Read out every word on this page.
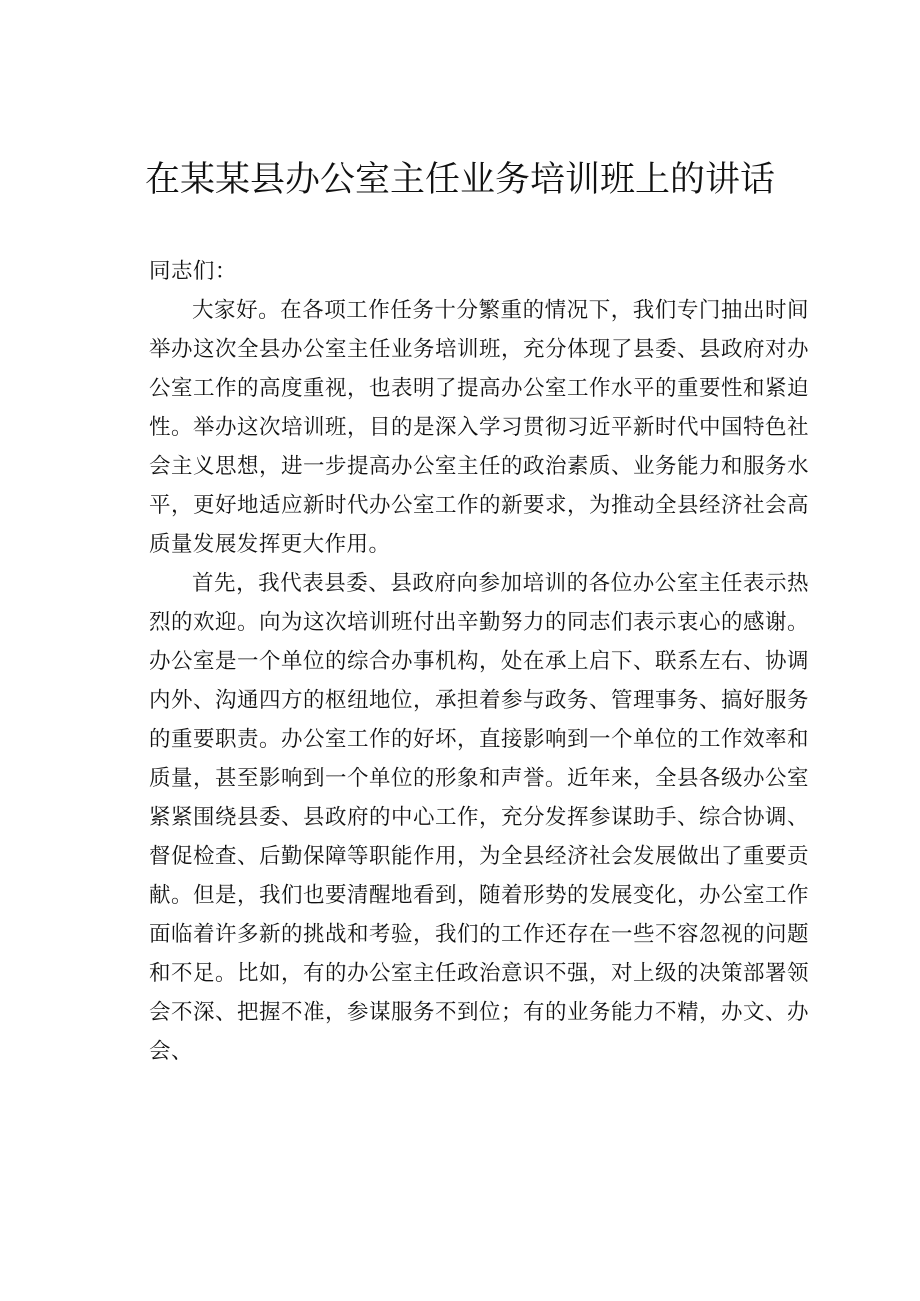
在某某县办公室主任业务培训班上的讲话

同志们：

大家好。在各项工作任务十分繁重的情况下，我们专门抽出时间举办这次全县办公室主任业务培训班，充分体现了县委、县政府对办公室工作的高度重视，也表明了提高办公室工作水平的重要性和紧迫性。举办这次培训班，目的是深入学习贯彻习近平新时代中国特色社会主义思想，进一步提高办公室主任的政治素质、业务能力和服务水平，更好地适应新时代办公室工作的新要求，为推动全县经济社会高质量发展发挥更大作用。

首先，我代表县委、县政府向参加培训的各位办公室主任表示热烈的欢迎。向为这次培训班付出辛勤努力的同志们表示衷心的感谢。办公室是一个单位的综合办事机构，处在承上启下、联系左右、协调内外、沟通四方的枢纽地位，承担着参与政务、管理事务、搞好服务的重要职责。办公室工作的好坏，直接影响到一个单位的工作效率和质量，甚至影响到一个单位的形象和声誉。近年来，全县各级办公室紧紧围绕县委、县政府的中心工作，充分发挥参谋助手、综合协调、督促检查、后勤保障等职能作用，为全县经济社会发展做出了重要贡献。但是，我们也要清醒地看到，随着形势的发展变化，办公室工作面临着许多新的挑战和考验，我们的工作还存在一些不容忽视的问题和不足。比如，有的办公室主任政治意识不强，对上级的决策部署领会不深、把握不准，参谋服务不到位；有的业务能力不精，办文、办会、
